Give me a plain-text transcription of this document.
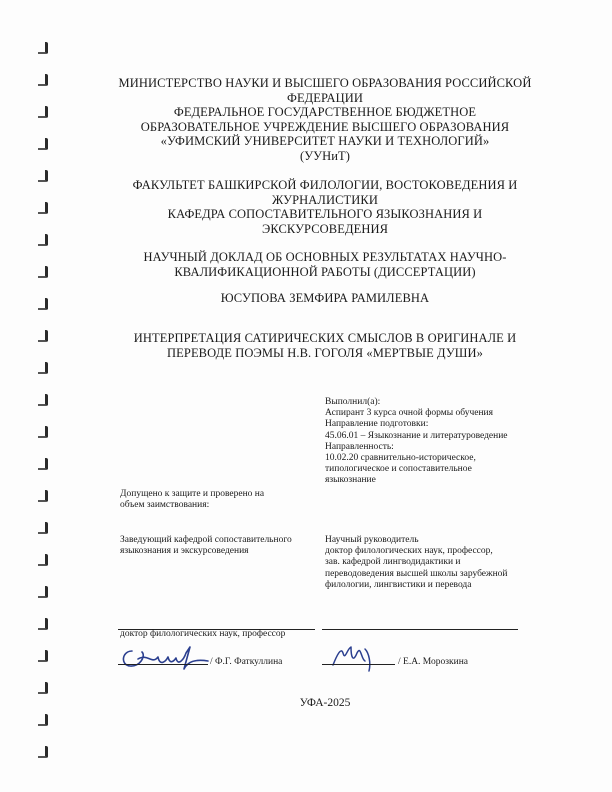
МИНИСТЕРСТВО НАУКИ И ВЫСШЕГО ОБРАЗОВАНИЯ РОССИЙСКОЙ
ФЕДЕРАЦИИ
ФЕДЕРАЛЬНОЕ ГОСУДАРСТВЕННОЕ БЮДЖЕТНОЕ
ОБРАЗОВАТЕЛЬНОЕ УЧРЕЖДЕНИЕ ВЫСШЕГО ОБРАЗОВАНИЯ
«УФИМСКИЙ УНИВЕРСИТЕТ НАУКИ И ТЕХНОЛОГИЙ»
(УУНиТ)
ФАКУЛЬТЕТ БАШКИРСКОЙ ФИЛОЛОГИИ, ВОСТОКОВЕДЕНИЯ И
ЖУРНАЛИСТИКИ
КАФЕДРА СОПОСТАВИТЕЛЬНОГО ЯЗЫКОЗНАНИЯ И
ЭКСКУРСОВЕДЕНИЯ
НАУЧНЫЙ ДОКЛАД ОБ ОСНОВНЫХ РЕЗУЛЬТАТАХ НАУЧНО-
КВАЛИФИКАЦИОННОЙ РАБОТЫ (ДИССЕРТАЦИИ)
ЮСУПОВА ЗЕМФИРА РАМИЛЕВНА
ИНТЕРПРЕТАЦИЯ САТИРИЧЕСКИХ СМЫСЛОВ В ОРИГИНАЛЕ И
ПЕРЕВОДЕ ПОЭМЫ Н.В. ГОГОЛЯ «МЕРТВЫЕ ДУШИ»
Выполнил(а):
Аспирант 3 курса очной формы обучения
Направление подготовки:
45.06.01 – Языкознание и литературоведение
Направленность:
10.02.20 сравнительно-историческое,
типологическое и сопоставительное
языкознание
Допущено к защите и проверено на
объем заимствования:
Заведующий кафедрой сопоставительного
языкознания и экскурсоведения
Научный руководитель
доктор филологических наук, профессор,
зав. кафедрой лингводидактики и
переводоведения высшей школы зарубежной
филологии, лингвистики и перевода
доктор филологических наук, профессор
/ Ф.Г. Фаткуллина	/ Е.А. Морозкина
УФА-2025
